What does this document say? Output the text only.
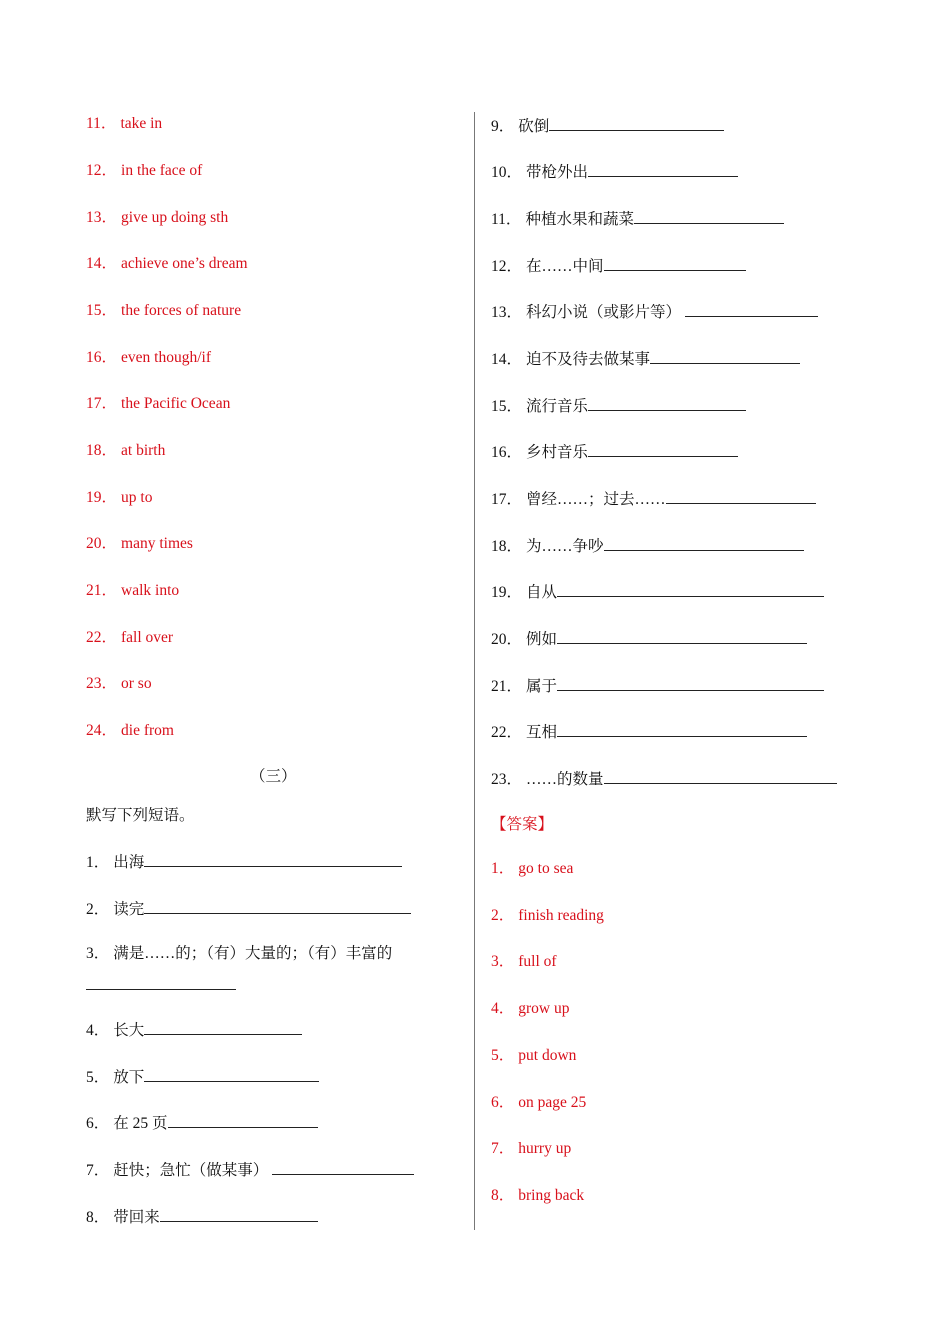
11． take in
12． in the face of
13． give up doing sth
14． achieve one’s dream
15． the forces of nature
16． even though/if
17． the Pacific Ocean
18． at birth
19． up to
20． many times
21． walk into
22． fall over
23． or so
24． die from
（三）
默写下列短语。
1． 出海
2． 读完
3． 满是……的；（有）大量的；（有）丰富的
4． 长大
5． 放下
6． 在 25 页
7． 赶快；急忙（做某事）
8． 带回来
9． 砍倒
10． 带枪外出
11． 种植水果和蔬菜
12． 在……中间
13． 科幻小说（或影片等）
14． 迫不及待去做某事
15． 流行音乐
16． 乡村音乐
17． 曾经……；过去……
18． 为……争吵
19． 自从
20． 例如
21． 属于
22． 互相
23． ……的数量
【答案】
1． go to sea
2． finish reading
3． full of
4． grow up
5． put down
6． on page 25
7． hurry up
8． bring back
